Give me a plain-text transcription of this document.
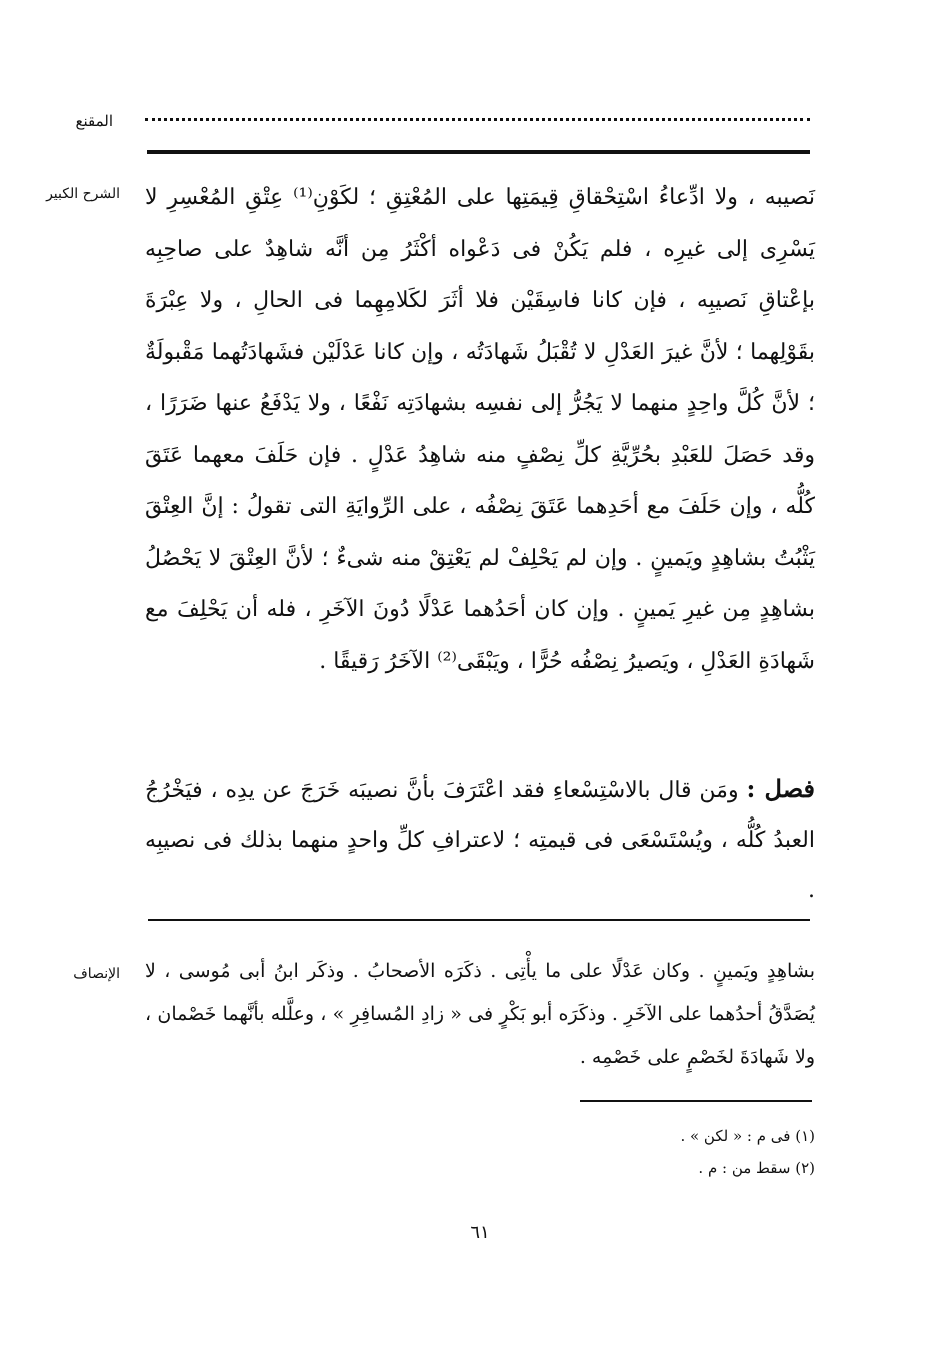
المقنع
الشرح الكبير نَصيبه ، ولا ادِّعاءُ اسْتِحْقاقِ قِيمَتِها على المُعْتِقِ ؛ لكَوْنِ⁽¹⁾ عِتْقِ المُعْسِرِ لا يَسْرِى إلى غيرِه ، فلم يَكُنْ فى دَعْواه أكْثَرُ مِن أنَّه شاهِدٌ على صاحِبِه بإعْتاقِ نَصيبِه ، فإن كانا فاسِقَيْن فلا أثَرَ لكَلامِهِما فى الحالِ ، ولا عِبْرَةَ بقَوْلِهما ؛ لأنَّ غيرَ العَدْلِ لا تُقْبَلُ شَهادَتُه ، وإن كانا عَدْلَيْن فشَهادَتُهما مَقْبولَةٌ ؛ لأنَّ كُلَّ واحِدٍ منهما لا يَجُرُّ إلى نفسِه بشهادَتِه نَفْعًا ، ولا يَدْفَعُ عنها ضَرَرًا ، وقد حَصَلَ للعَبْدِ بحُرِّيَّةِ كلِّ نِصْفٍ منه شاهِدُ عَدْلٍ . فإن حَلَفَ معهما عَتَقَ كُلُّه ، وإن حَلَفَ مع أحَدِهما عَتَقَ نِصْفُه ، على الرِّوايَةِ التى تقولُ : إنَّ العِتْقَ يَثْبُتُ بشاهِدٍ ويَمينٍ . وإن لم يَحْلِفْ لم يَعْتِقْ منه شىءٌ ؛ لأنَّ العِتْقَ لا يَحْصُلُ بشاهِدٍ مِن غيرِ يَمينٍ . وإن كان أحَدُهما عَدْلًا دُونَ الآخَرِ ، فله أن يَحْلِفَ مع شَهادَةِ العَدْلِ ، ويَصيرُ نِصْفُه حُرًّا ، ويَبْقَى⁽²⁾ الآخَرُ رَقيقًا .

فصل : ومَن قال بالاسْتِسْعاءِ فقد اعْتَرَفَ بأنَّ نصيبَه خَرَجَ عن يدِه ، فيَخْرُجُ العبدُ كُلُّه ، ويُسْتَسْعَى فى قيمتِه ؛ لاعترافِ كلِّ واحدٍ منهما بذلك فى نصيبِه .

الإنصاف بشاهِدٍ ويَمينٍ . وكان عَدْلًا على ما يأْتِى . ذكَرَه الأصحابُ . وذكَر ابنُ أبى مُوسى ، لا يُصَدَّقُ أحدُهما على الآخَرِ . وذكَرَه أبو بَكْرٍ فى « زادِ المُسافِرِ » ، وعلَّله بأنَّهما خَصْمان ، ولا شَهادَةَ لخَصْمٍ على خَصْمِه .

(١) فى م : « لكن » .
(٢) سقط من : م .
٦١
